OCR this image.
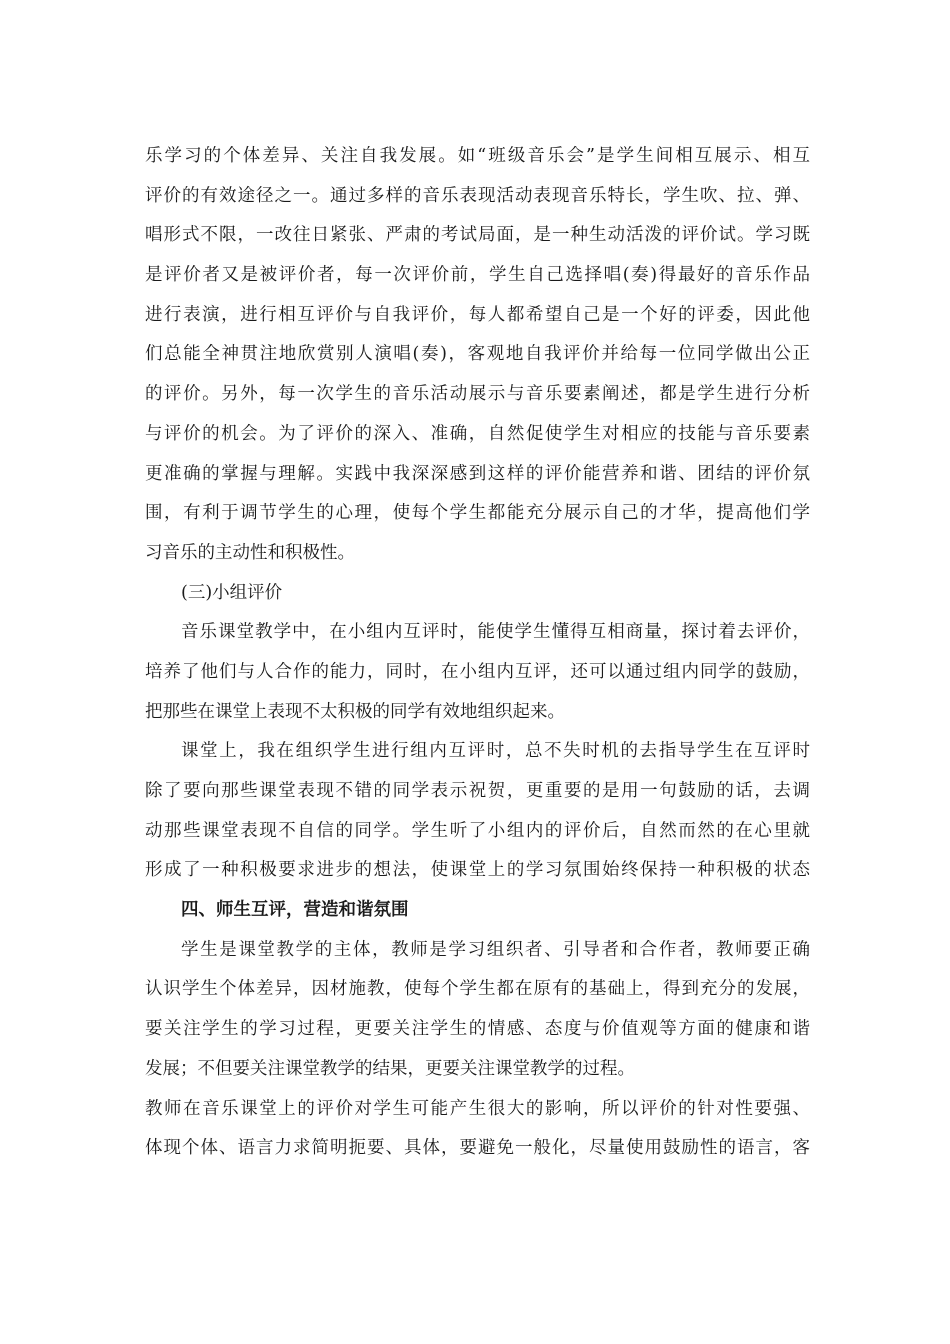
乐学习的个体差异、关注自我发展。如“班级音乐会”是学生间相互展示、相互
评价的有效途径之一。通过多样的音乐表现活动表现音乐特长，学生吹、拉、弹、
唱形式不限，一改往日紧张、严肃的考试局面，是一种生动活泼的评价试。学习既
是评价者又是被评价者，每一次评价前，学生自己选择唱(奏)得最好的音乐作品
进行表演，进行相互评价与自我评价，每人都希望自己是一个好的评委，因此他
们总能全神贯注地欣赏别人演唱(奏)，客观地自我评价并给每一位同学做出公正
的评价。另外，每一次学生的音乐活动展示与音乐要素阐述，都是学生进行分析
与评价的机会。为了评价的深入、准确，自然促使学生对相应的技能与音乐要素
更准确的掌握与理解。实践中我深深感到这样的评价能营养和谐、团结的评价氛
围，有利于调节学生的心理，使每个学生都能充分展示自己的才华，提高他们学
习音乐的主动性和积极性。
(三)小组评价
音乐课堂教学中，在小组内互评时，能使学生懂得互相商量，探讨着去评价，
培养了他们与人合作的能力，同时，在小组内互评，还可以通过组内同学的鼓励，
把那些在课堂上表现不太积极的同学有效地组织起来。
课堂上，我在组织学生进行组内互评时，总不失时机的去指导学生在互评时
除了要向那些课堂表现不错的同学表示祝贺，更重要的是用一句鼓励的话，去调
动那些课堂表现不自信的同学。学生听了小组内的评价后，自然而然的在心里就
形成了一种积极要求进步的想法，使课堂上的学习氛围始终保持一种积极的状态
四、师生互评，营造和谐氛围
学生是课堂教学的主体，教师是学习组织者、引导者和合作者，教师要正确
认识学生个体差异，因材施教，使每个学生都在原有的基础上，得到充分的发展，
要关注学生的学习过程，更要关注学生的情感、态度与价值观等方面的健康和谐
发展；不但要关注课堂教学的结果，更要关注课堂教学的过程。
教师在音乐课堂上的评价对学生可能产生很大的影响，所以评价的针对性要强、
体现个体、语言力求简明扼要、具体，要避免一般化，尽量使用鼓励性的语言，客
